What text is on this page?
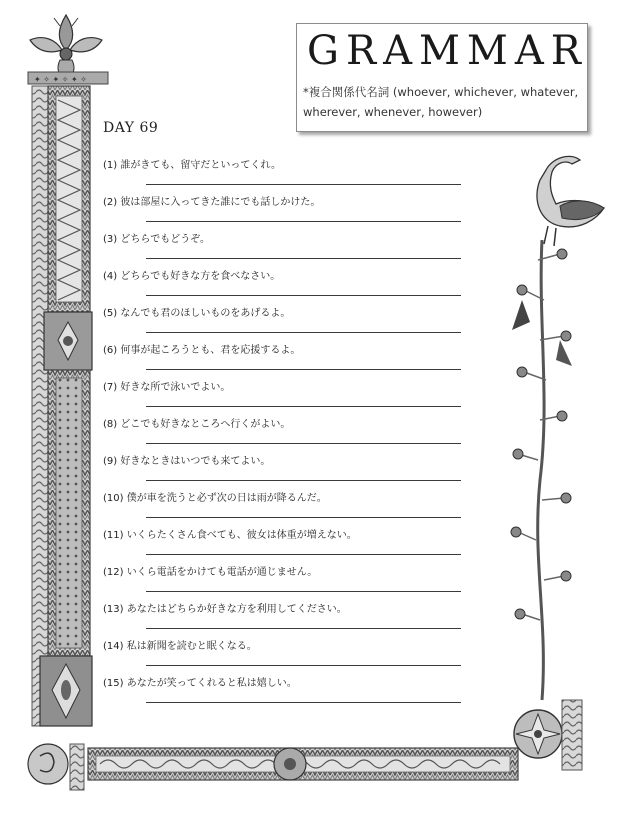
✦ ✧ ✦ ✧ ✦ ✧
GRAMMAR
*複合関係代名詞 (whoever, whichever, whatever, wherever, whenever, however)
DAY 69
(1) 誰がきても、留守だといってくれ。
(2) 彼は部屋に入ってきた誰にでも話しかけた。
(3) どちらでもどうぞ。
(4) どちらでも好きな方を食べなさい。
(5) なんでも君のほしいものをあげるよ。
(6) 何事が起ころうとも、君を応援するよ。
(7) 好きな所で泳いでよい。
(8) どこでも好きなところへ行くがよい。
(9) 好きなときはいつでも来てよい。
(10) 僕が車を洗うと必ず次の日は雨が降るんだ。
(11) いくらたくさん食べても、彼女は体重が増えない。
(12) いくら電話をかけても電話が通じません。
(13) あなたはどちらか好きな方を利用してください。
(14) 私は新聞を読むと眠くなる。
(15) あなたが笑ってくれると私は嬉しい。
